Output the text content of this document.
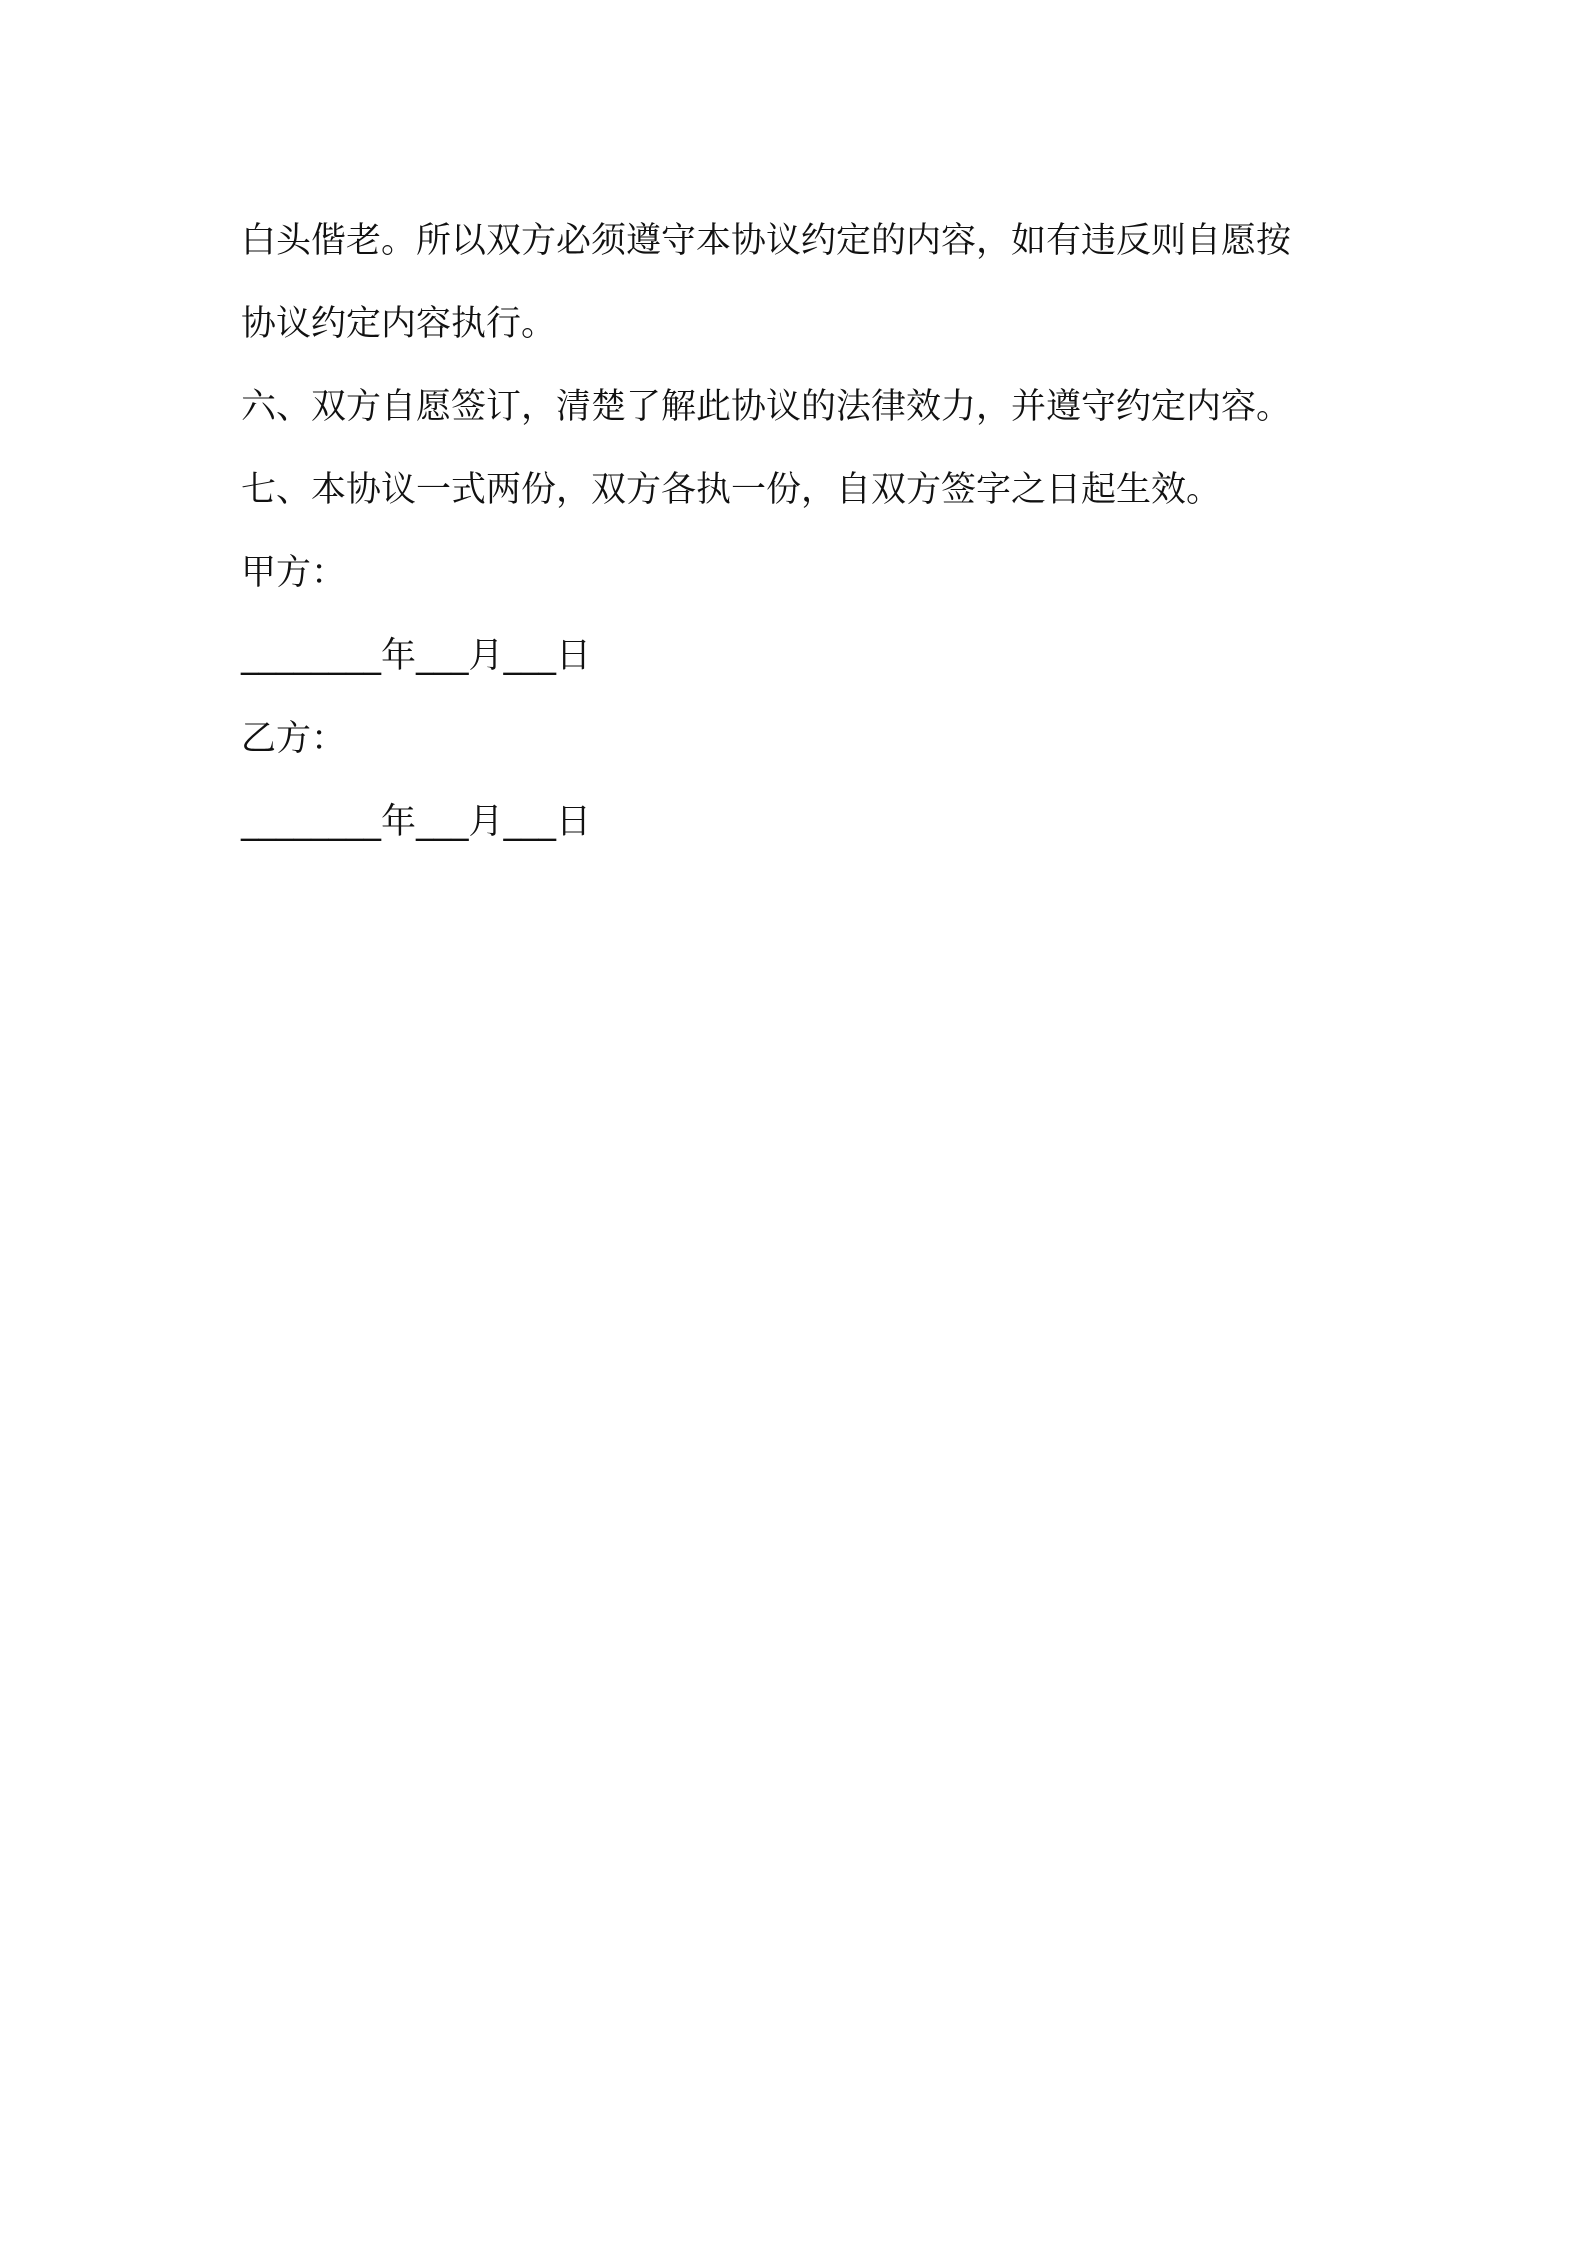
白头偕老。所以双方必须遵守本协议约定的内容，如有违反则自愿按
协议约定内容执行。
六、双方自愿签订，清楚了解此协议的法律效力，并遵守约定内容。
七、本协议一式两份，双方各执一份，自双方签字之日起生效。
甲方：
________年___月___日
乙方：
________年___月___日
